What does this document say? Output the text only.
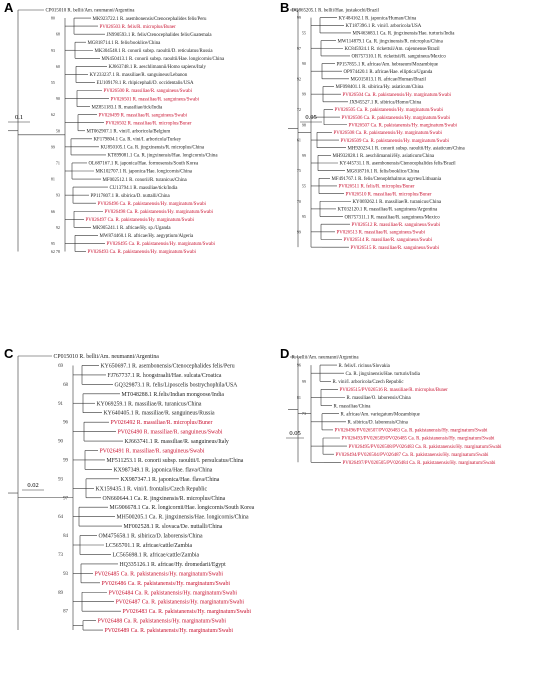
A	CP015010 R. bellii/Am. neumanni/Argentina
MK923722.1 R. asembonensis/Ctenocephalides felis/Peru
PV026503 R. felis/R. microplus/Buner
JN990593.1 R. felis/Ctenocephalides felis/Guatemala
MG818714.1 R. felis/booklice/China
MK304548.1 R. conorii subsp. raoultii/D. reticulatus/Russia
MN450413.1 R. conorii subsp. raoultii/Hae. longicornis/China
KJ663748.1 R. aeschlimannii/Homo sapiens/Italy
KY233237.1 R. massiliae/R. sanguineus/Lebanon
EU109178.1 R. rhipicephali/D. occidentalis/USA
PV026500 R. massiliae/R. sanguineus/Swabi
PV026501 R. massiliae/R. sanguineus/Swabi
MZ851183.1 R. massiliae/tick/India
PV026499 R. massiliae/R. sanguineus/Swabi
PV026502 R. massiliae/R. microplus/Buner
MT062907.1 R. vini/I. arboricola/Belgium
KF179804.1 Ca. R. vini/I. arboricola/Turkey
KU850105.1 Ca. R. jingxinensis/R. microplus/China
KT899081.1 Ca. R. jingxinensis/Hae. longicornis/China
OL687167.1 R. japonica/Hae. formosensis/South Korea
MK102707.1 R. japonica/Hae. longicornis/China
MF002512.1 R. conorii/R. turanicus/China
CU13794.1 R. massiliae/tick/India
PP117807.1 R. sibirica/D. nuttalli/China
PV026496 Ca. R. pakistanensis/Hy. marginatum/Swabi
PV026498 Ca. R. pakistanensis/Hy. marginatum/Swabi
PV026497 Ca. R. pakistanensis/Hy. marginatum/Swabi
MK905241.1 R. africae/Hy. sp./Uganda
MW874460.1 R. africae/Hy. aegyptium/Algeria
PV026495 Ca. R. pakistanensis/Hy. marginatum/Swabi
PV026493 Ca. R. pakistanensis/Hy. marginatum/Swabi
80
68
93
60
55
90
62
58
99
71
81
93
66
92
95
78
62
0.1
B DQ865205.1 R. bellii/Hae. justakochi/Brazil
KY484162.1 R. japonica/Human/China
KT187396.1 R. vini/I. arboricola/USA
MN463683.1 Ca. R. jingxinensis/Hae. turturis/India
MW114879.1 Ca. R. jingxinensis/R. microplus/China
KC845924.1 R. rickettsii/Am. cajennense/Brazil
OR757310.1 R. rickettsii/R. sanguineus/Mexico
PP157855.1 R. africae/Am. hebraeum/Mozambique
OP974420.1 R. africae/Hae. elliptica/Uganda
MG015013.1 R. africae/Human/Brazil
MF098401.1 R. sibirica/Hy. asiaticum/China
PV026504 Ca. R. pakistanensis/Hy. marginatum/Swabi
JX945527.1 R. sibirica/Homo/China
PV026505 Ca. R. pakistanensis/Hy. marginatum/Swabi
PV026506 Ca. R. pakistanensis/Hy. marginatum/Swabi
PV026507 Ca. R. pakistanensis/Hy. marginatum/Swabi
PV026508 Ca. R. pakistanensis/Hy. marginatum/Swabi
PV026509 Ca. R. pakistanensis/Hy. marginatum/Swabi
MH920234.1 R. conorii subsp. raoultii/Hy. asiaticum/China
MH932028.1 R. aeschlimannii/Hy. asiaticum/China
KY445731.1 R. asembonensis/Ctenocephalides felis/Brazil
MG818716.1 R. felis/booklice/China
MF491767.1 R. felis/Ctenophthalmus agyrtes/Lithuania
PV026511 R. felis/R. microplus/Buner
PV026510 R. massiliae/R. microplus/Buner
KY069262.1 R. massiliae/R. turanicus/China
KT032120.1 R. massiliae/R. sanguineus/Argentina
OR757311.1 R. massiliae/R. sanguineus/Mexico
PV026512 R. massiliae/R. sanguineus/Swabi
PV026513 R. massiliae/R. sanguineus/Swabi
PV026514 R. massiliae/R. sanguineus/Swabi
PV026515 R. massiliae/R. sanguineus/Swabi
99
55
97
90
92
99
72
98
61
99
75
55
70
95
99
0.05
C	CP015010 R. bellii/Am. neumanni/Argentina
KY650697.1 R. asembonensis/Ctenocephalides felis/Peru
FJ767737.1 R. hoogstraalii/Hae. sulcata/Croatica
GQ329873.1 R. felis/Liposcelis bostrychophila/USA
MT048288.1 R.felis/Indian mongoose/India
KY069259.1 R. massiliae/R. turanicus/China
KY640405.1 R. massiliae/R. sanguineus/Russia
PV026492 R. massiliae/R. microplus/Buner
PV026490 R. massiliae/R. sanguineus/Swabi
KJ663741.1 R. massiliae/R. sanguineus/Italy
PV026491 R. massiliae/R. sanguineus/Swabi
MF511253.1 R. conorii subsp. raoultii/I. persulcatus/China
KX987349.1 R. japonica/Hae. flava/China
KX987347.1 R. japonica/Hae. flava/China
KX159435.1 R. vini/I. frontalis/Czech Republic
ON660644.1 Ca. R. jingxinensis/R. microplus/China
MG906678.1 Ca. R. longicornii/Hae. longicornis/South Korea
MH500205.1 Ca. R. jingxinensis/Hae. longicornis/China
MF002528.1 R. slovaca/De. nuttalli/China
OM475658.1 R. sibirica/D. laborensis/China
LC565701.1 R. africae/cattle/Zambia
LC565698.1 R. africae/cattle/Zambia
HQ335126.1 R. africae/Hy. dromedarii/Egypt
PV026485 Ca. R. pakistanensis/Hy. marginatum/Swabi
PV026486 Ca. R. pakistanensis/Hy. marginatum/Swabi
PV026484 Ca. R. pakistanensis/Hy. marginatum/Swabi
PV026487 Ca. R. pakistanensis/Hy. marginatum/Swabi
PV026483 Ca. R. pakistanensis/Hy. marginatum/Swabi
PV026488 Ca. R. pakistanensis/Hy. marginatum/Swabi
PV026489 Ca. R. pakistanensis/Hy. marginatum/Swabi
69
68
91
96
90
99
93
97
64
84
73
93
89
87
0.02
D R. bellii/Am. neumanni/Argentina
R. felis/I. ricinus/Slovakia
Ca. R. jingxinensis/Hae. turturis/India
R. vini/I. arboricola/Czech Republic
PV026515/PV026516 R. massiliae/R. microplus/Buner
R. massiliae/O. laborensis/China
R. massiliae/China
R. africae/Am. variegatum/Mozambique
R. sibirica/D. laborensis/China
PV026496/PV026507/PV026483 Ca. R. pakistanensis/Hy. marginatum/Swabi
PV026493/PV026509/PV026485 Ca. R. pakistanensis/Hy. marginatum/Swabi
PV026495/PV026508/PV026483 Ca. R. pakistanensis/Hy. marginatum/Swabi
PV026494/PV026504/PV026487 Ca. R. pakistanensis/Hy. marginatum/Swabi
PV026497/PV026505/PV026484 Ca. R. pakistanensis/Hy. marginatum/Swabi
96
99
81
73
0.05
